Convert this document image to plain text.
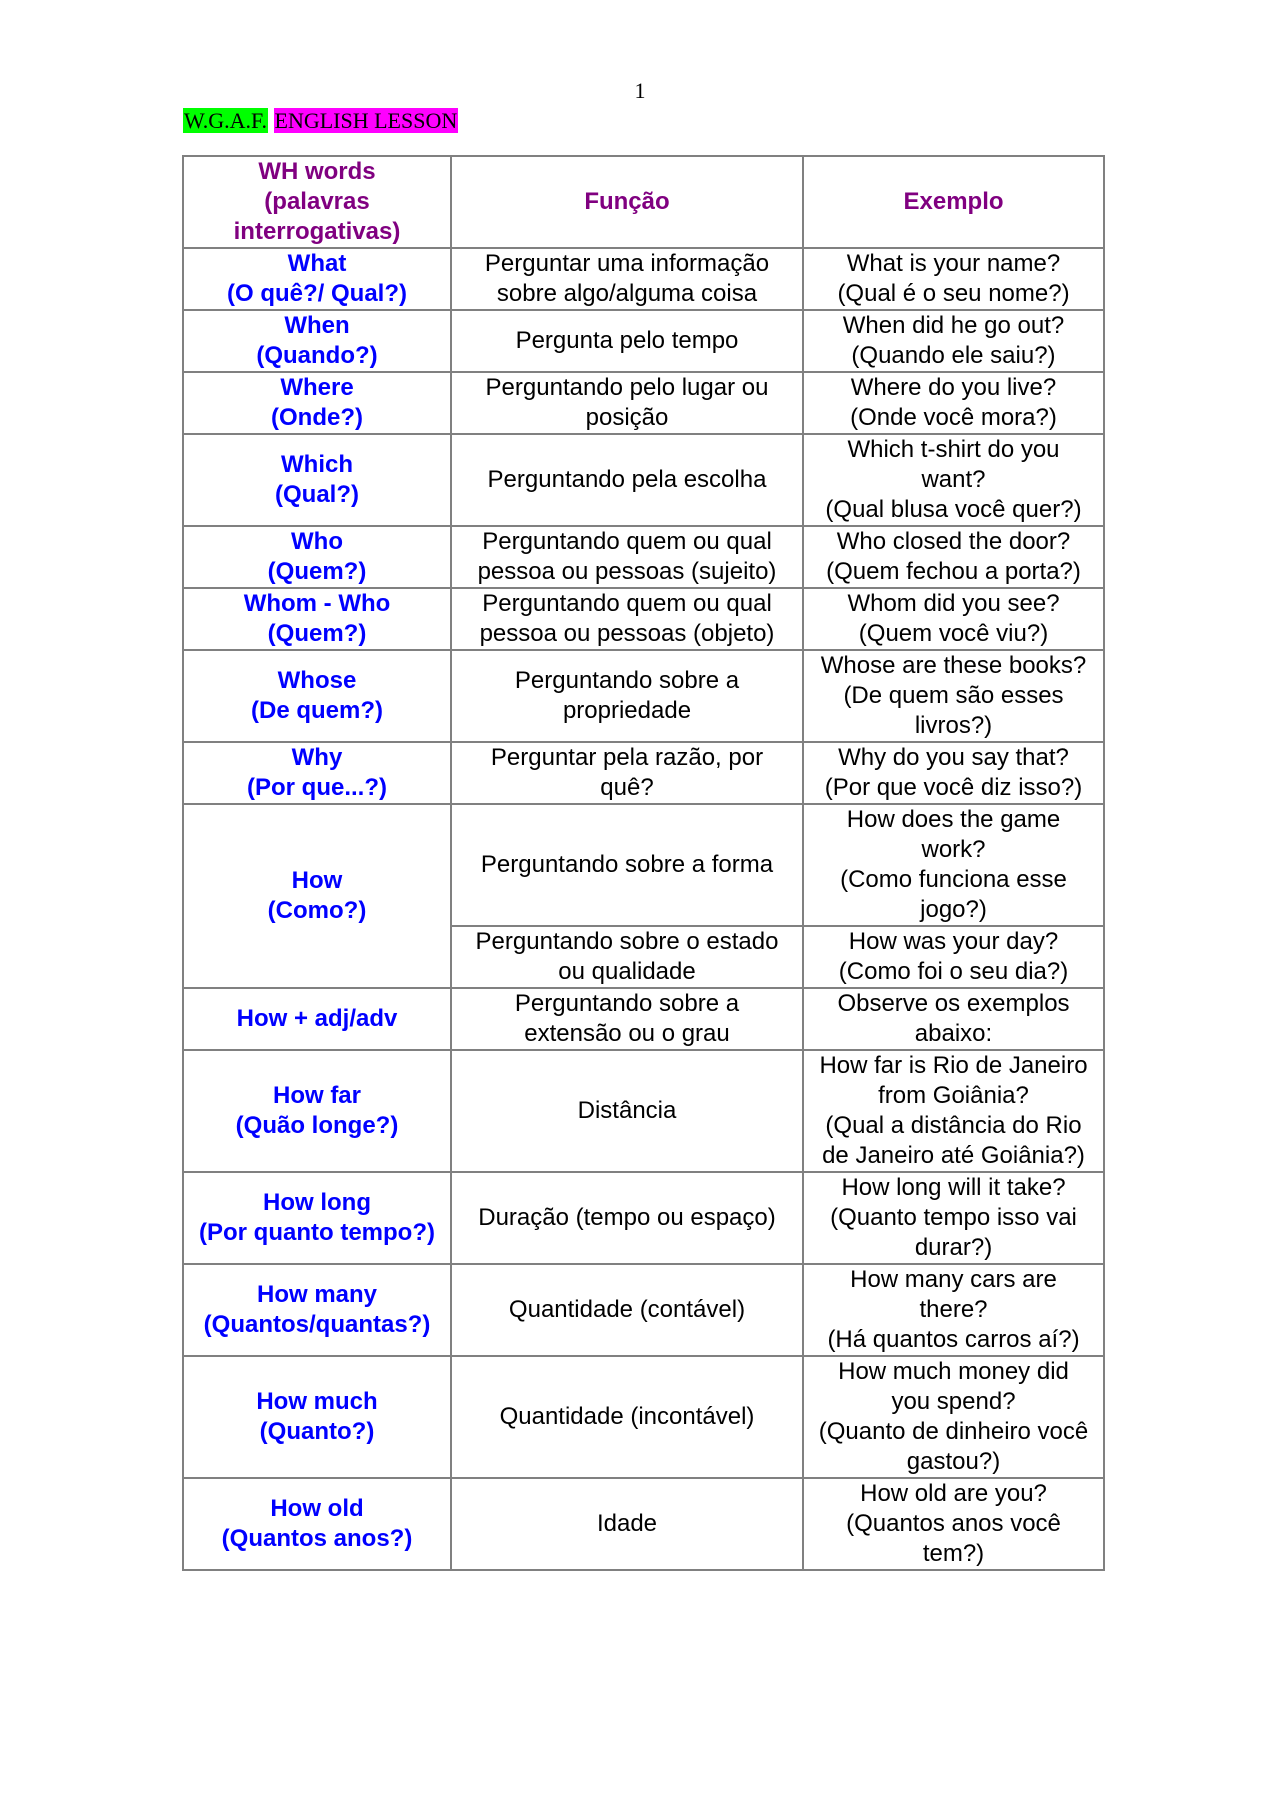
1
W.G.A.F. ENGLISH LESSON
WH words
(palavras
interrogativas)	Função	Exemplo

What
(O quê?/ Qual?)	Perguntar uma informação
sobre algo/alguma coisa	What is your name?
(Qual é o seu nome?)

When
(Quando?)	Pergunta pelo tempo	When did he go out?
(Quando ele saiu?)

Where
(Onde?)	Perguntando pelo lugar ou
posição	Where do you live?
(Onde você mora?)

Which
(Qual?)	Perguntando pela escolha	Which t-shirt do you
want?
(Qual blusa você quer?)

Who
(Quem?)	Perguntando quem ou qual
pessoa ou pessoas (sujeito)	Who closed the door?
(Quem fechou a porta?)

Whom - Who
(Quem?)	Perguntando quem ou qual
pessoa ou pessoas (objeto)	Whom did you see?
(Quem você viu?)

Whose
(De quem?)	Perguntando sobre a
propriedade	Whose are these books?
(De quem são esses
livros?)

Why
(Por que...?)	Perguntar pela razão, por
quê?	Why do you say that?
(Por que você diz isso?)

How
(Como?)	Perguntando sobre a forma	How does the game
work?
(Como funciona esse
jogo?)

	Perguntando sobre o estado
ou qualidade	How was your day?
(Como foi o seu dia?)

How + adj/adv	Perguntando sobre a
extensão ou o grau	Observe os exemplos
abaixo:

How far
(Quão longe?)	Distância	How far is Rio de Janeiro
from Goiânia?
(Qual a distância do Rio
de Janeiro até Goiânia?)

How long
(Por quanto tempo?)	Duração (tempo ou espaço)	How long will it take?
(Quanto tempo isso vai
durar?)

How many
(Quantos/quantas?)	Quantidade (contável)	How many cars are
there?
(Há quantos carros aí?)

How much
(Quanto?)	Quantidade (incontável)	How much money did
you spend?
(Quanto de dinheiro você
gastou?)

How old
(Quantos anos?)	Idade	How old are you?
(Quantos anos você
tem?)
